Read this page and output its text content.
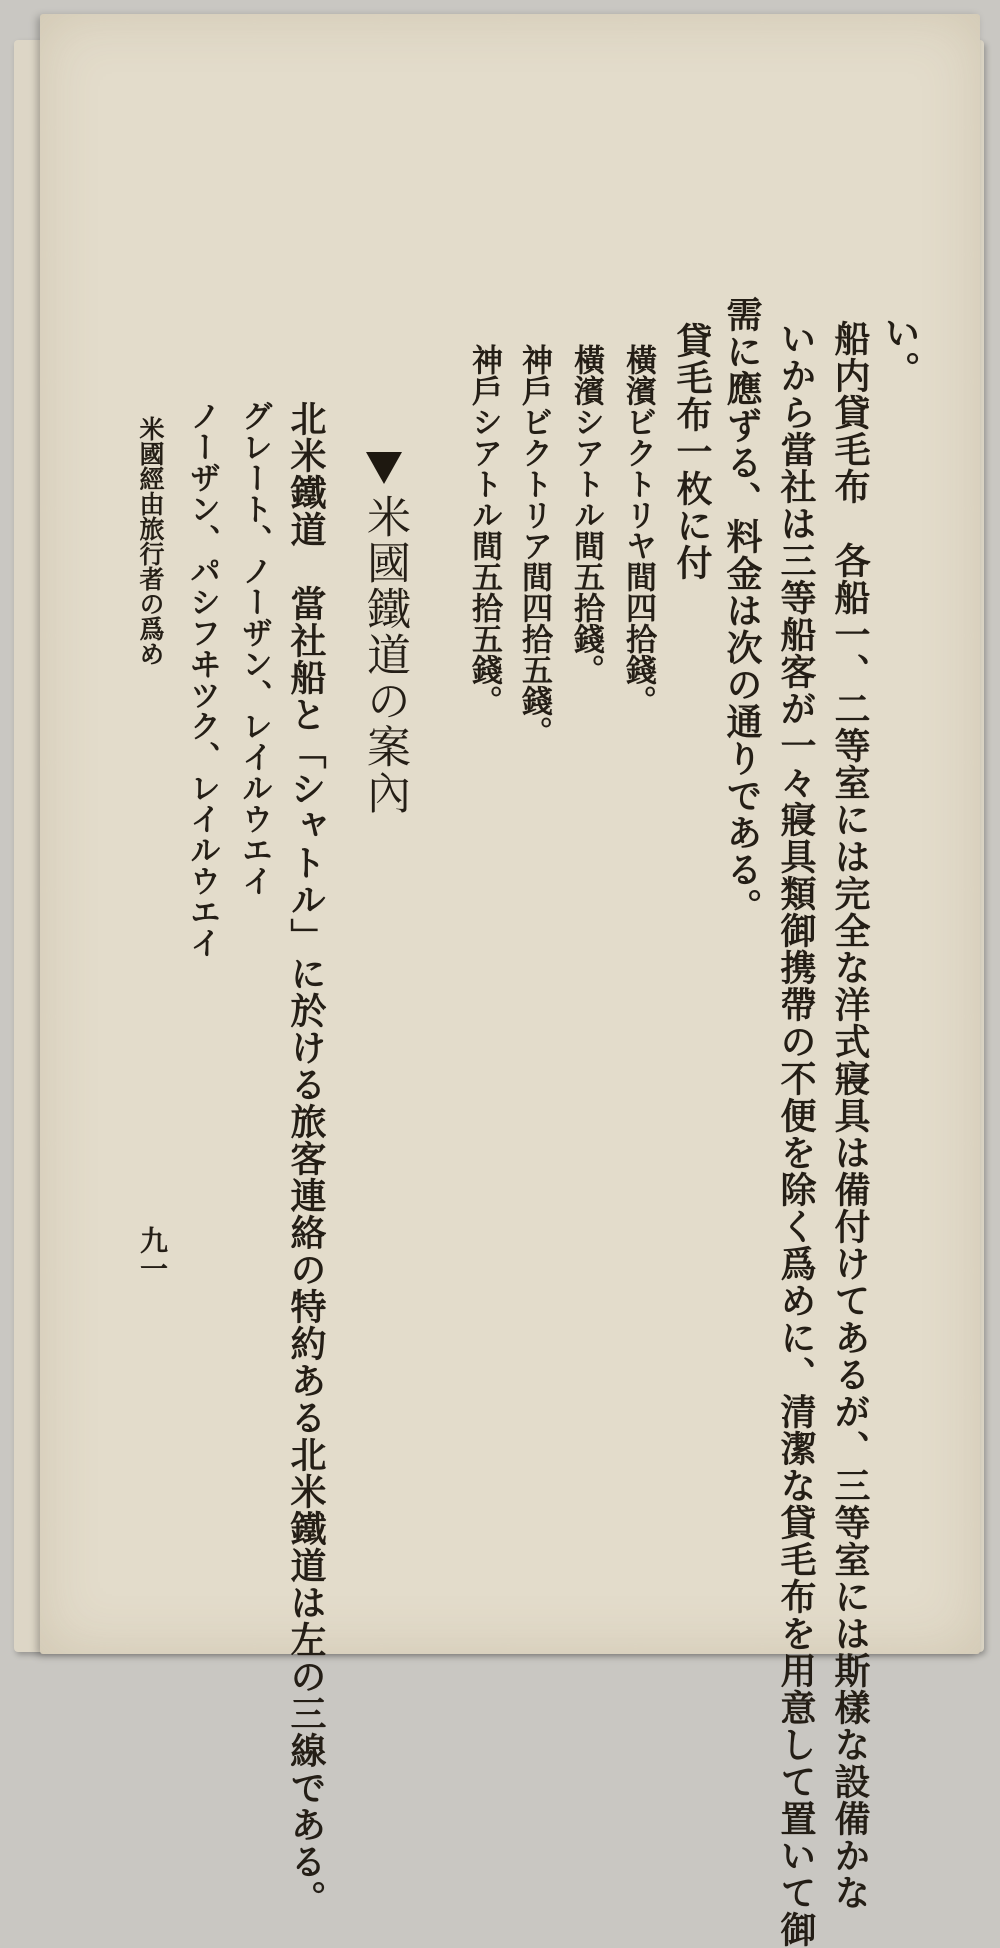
い。
船内貸毛布　各船一、二等室には完全な洋式寢具は備付けてあるが、三等室には斯樣な設備かな
いから當社は三等船客が一々寢具類御携帶の不便を除く爲めに、清潔な貸毛布を用意して置いて御
需に應ずる、料金は次の通りである。
貸毛布一枚に付
橫濱ビクトリヤ間四拾錢。
橫濱シアトル間五拾錢。
神戶ビクトリア間四拾五錢。
神戶シアトル間五拾五錢。
米國鐵道の案內
北米鐵道　當社船と「シャトル」に於ける旅客連絡の特約ある北米鐵道は左の三線である。
グレート、ノーザン、レイルウエイ
ノーザン、パシフヰツク、レイルウエイ
米國經由旅行者の爲め
九一
